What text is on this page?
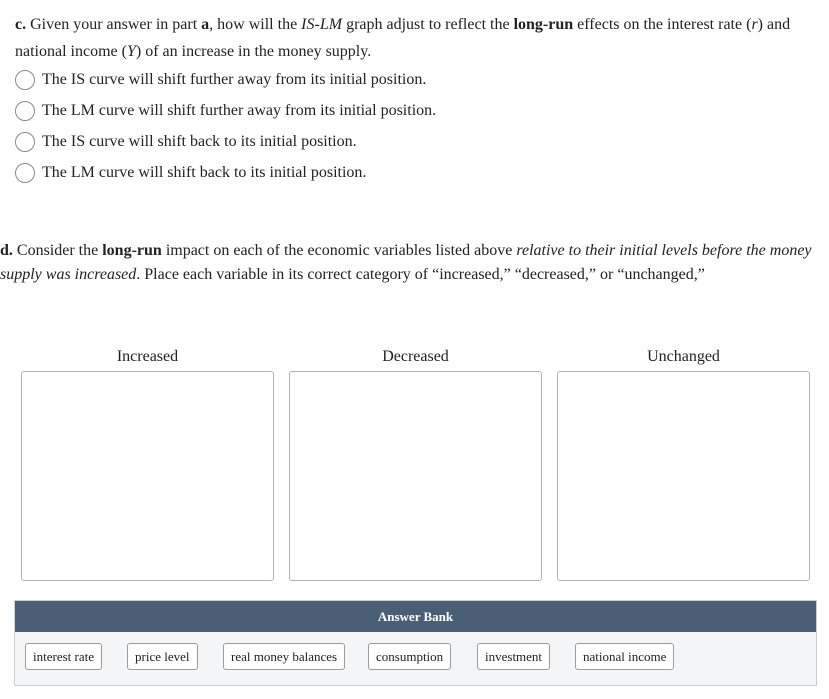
c. Given your answer in part a, how will the IS-LM graph adjust to reflect the long-run effects on the interest rate (r) and national income (Y) of an increase in the money supply.
The IS curve will shift further away from its initial position.
The LM curve will shift further away from its initial position.
The IS curve will shift back to its initial position.
The LM curve will shift back to its initial position.
d. Consider the long-run impact on each of the economic variables listed above relative to their initial levels before the money supply was increased. Place each variable in its correct category of “increased,” “decreased,” or “unchanged,”
Increased	Decreased	Unchanged
Answer Bank
interest rate	price level	real money balances	consumption	investment	national income
